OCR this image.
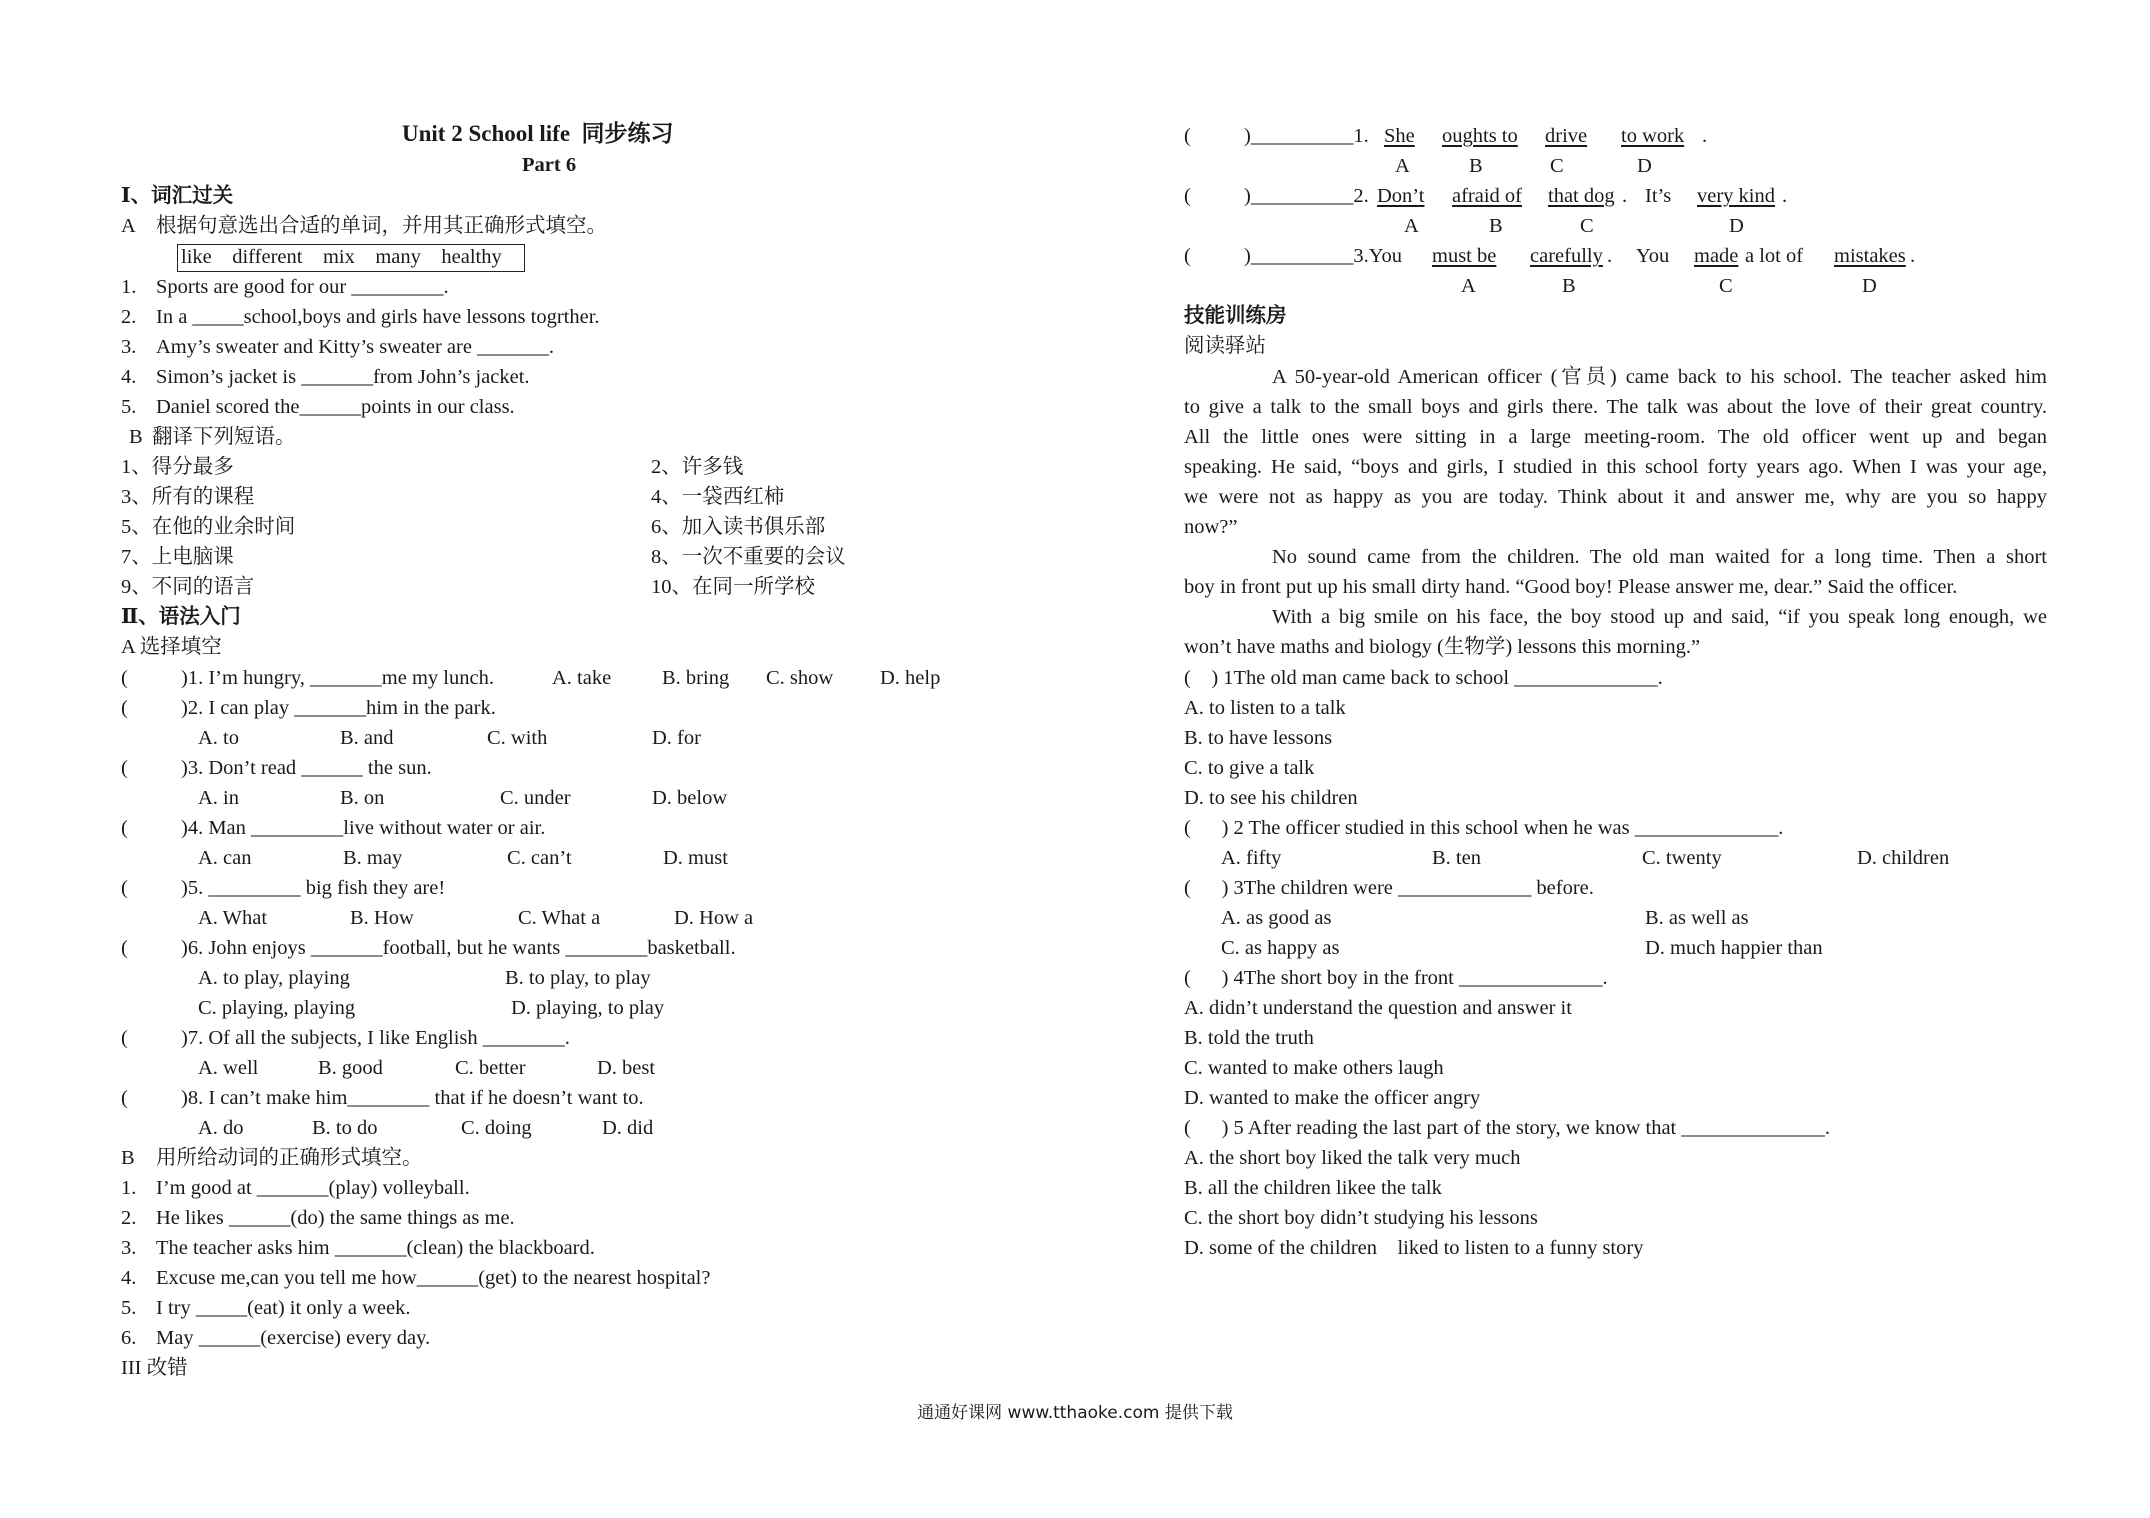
Unit 2 School life  同步练习
Part 6
Ⅰ、词汇过关
A 根据句意选出合适的单词，并用其正确形式填空。
like    different    mix    many    healthy
1. Sports are good for our _________.
2. In a _____school,boys and girls have lessons togrther.
3. Amy’s sweater and Kitty’s sweater are _______.
4. Simon’s jacket is _______from John’s jacket.
5. Daniel scored the______points in our class.
B 翻译下列短语。
1、得分最多	2、许多钱
3、所有的课程	4、一袋西红柿
5、在他的业余时间	6、加入读书俱乐部
7、上电脑课	8、一次不重要的会议
9、不同的语言	10、在同一所学校
Ⅱ、语法入门
A 选择填空
(	)1. I’m hungry, _______me my lunch.	A. take B. bring C. show D. help
(	)2. I can play _______him in the park.
A. to	B. and	C. with	D. for
(	)3. Don’t read ______ the sun.
A. in	B. on	C. under	D. below
(	)4. Man _________live without water or air.
A. can	B. may	C. can’t	D. must
(	)5. _________ big fish they are!
A. What	B. How	C. What a	D. How a
(	)6. John enjoys _______football, but he wants ________basketball.
A. to play, playing	B. to play, to play
C. playing, playing	D. playing, to play
(	)7. Of all the subjects, I like English ________.
A. well	B. good	C. better	D. best
(	)8. I can’t make him________ that if he doesn’t want to.
A. do	B. to do	C. doing	D. did
B 用所给动词的正确形式填空。
1. I’m good at _______(play) volleyball.
2. He likes ______(do) the same things as me.
3. The teacher asks him _______(clean) the blackboard.
4. Excuse me,can you tell me how______(get) to the nearest hospital?
5. I try _____(eat) it only a week.
6. May ______(exercise) every day.
III 改错
(	)__________1. She oughts to drive to work .
A	B	C	D
(	)__________2. Don’t afraid of that dog . It’s very kind .
A	B	C	D
(	)__________3.You must be carefully . You made a lot of mistakes .
A	B	C	D
技能训练房
阅读驿站
A 50-year-old American officer (官员) came back to his school. The teacher asked him
to give a talk to the small boys and girls there. The talk was about the love of their great country.
All the little ones were sitting in a large meeting-room. The old officer went up and began
speaking. He said, “boys and girls, I studied in this school forty years ago. When I was your age,
we were not as happy as you are today. Think about it and answer me, why are you so happy
now?”
No sound came from the children. The old man waited for a long time. Then a short
boy in front put up his small dirty hand. “Good boy! Please answer me, dear.” Said the officer.
With a big smile on his face, the boy stood up and said, “if you speak long enough, we
won’t have maths and biology (生物学) lessons this morning.”
(    ) 1The old man came back to school ______________.
A. to listen to a talk
B. to have lessons
C. to give a talk
D. to see his children
(      ) 2 The officer studied in this school when he was ______________.
A. fifty	B. ten	C. twenty	D. children
(      ) 3The children were _____________ before.
A. as good as	B. as well as
C. as happy as	D. much happier than
(      ) 4The short boy in the front ______________.
A. didn’t understand the question and answer it
B. told the truth
C. wanted to make others laugh
D. wanted to make the officer angry
(      ) 5 After reading the last part of the story, we know that ______________.
A. the short boy liked the talk very much
B. all the children likee the talk
C. the short boy didn’t studying his lessons
D. some of the children    liked to listen to a funny story
通通好课网 www.tthaoke.com 提供下载
